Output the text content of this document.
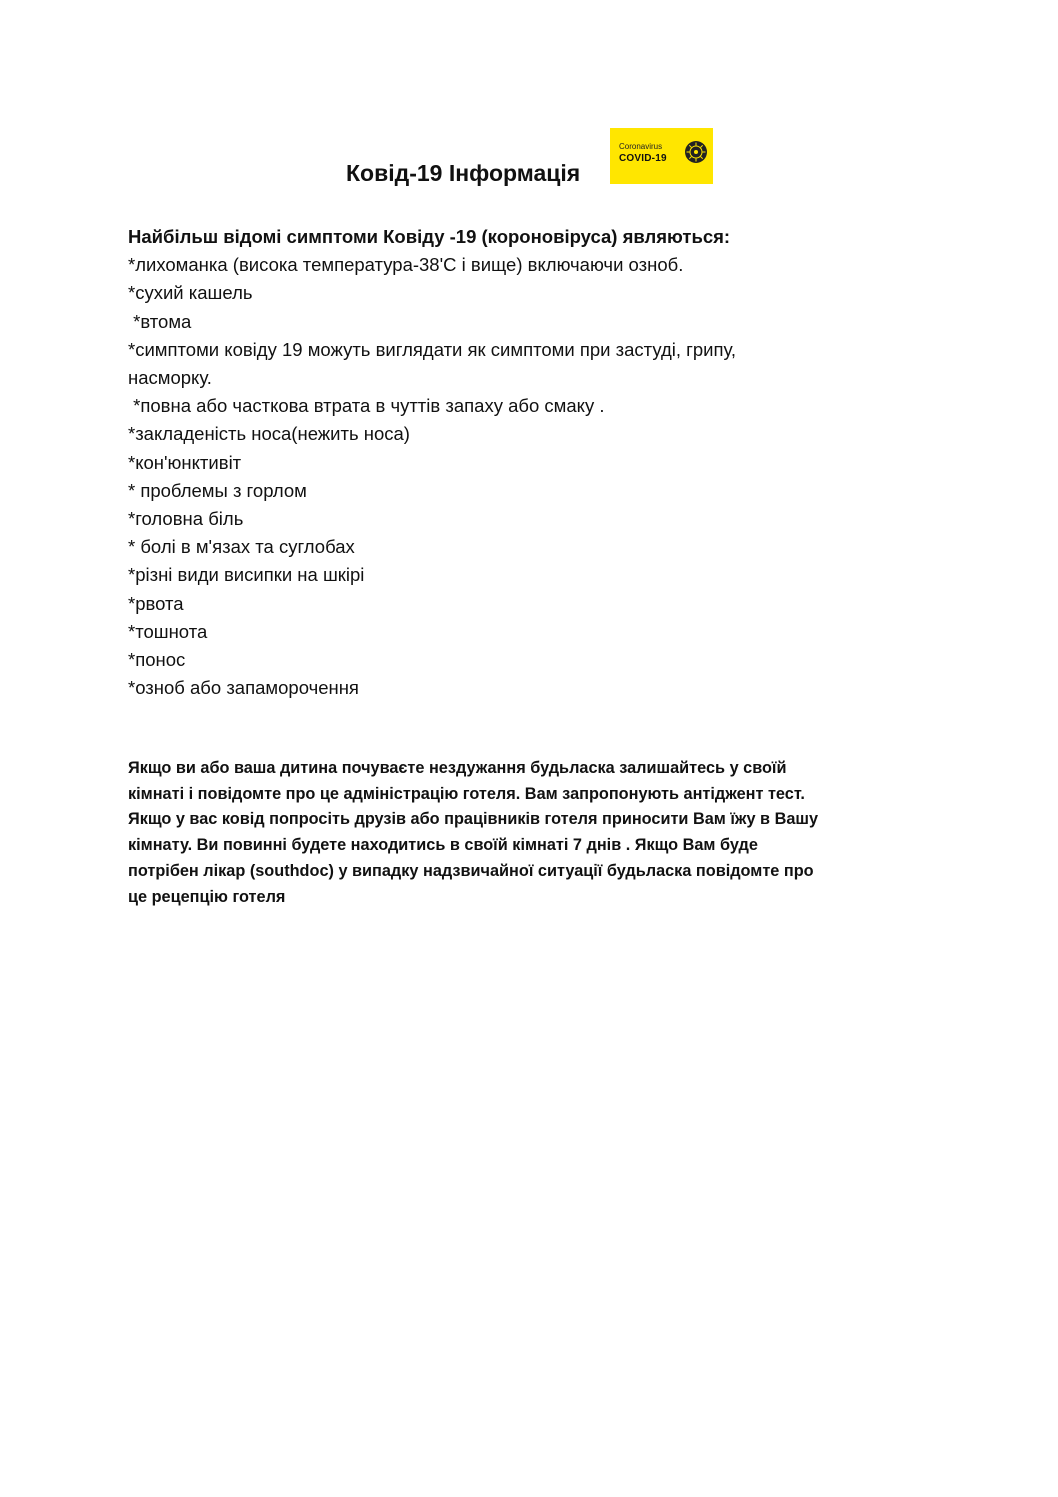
Ковід-19 Інформація
Coronavirus
COVID-19
Найбільш відомі симптоми Ковіду -19 (короновіруса) являються:
*лихоманка (висока температура-38'С і вище) включаючи озноб.
*сухий кашель
*втома
*симптоми ковіду 19 можуть виглядати як симптоми при застуді, грипу,
насморку.
*повна або часткова втрата в чуттів запаху або смаку .
*закладеність носа(нежить носа)
*кон'юнктивіт
* проблемы з горлом
*головна біль
* болі в м'язах та суглобах
*різні види висипки на шкірі
*рвота
*тошнота
*понос
*озноб або запаморочення
Якщо ви або ваша дитина почуваєте нездужання будьласка залишайтесь у своїй
кімнаті і повідомте про це адміністрацію готеля. Вам запропонують антіджент тест.
Якщо у вас ковід попросіть друзів або працівників готеля приносити Вам їжу в Вашу
кімнату. Ви повинні будете находитись в своїй кімнаті 7 днів . Якщо Вам буде
потрібен лікар (southdoc) у випадку надзвичайної ситуації будьласка повідомте про
це рецепцію готеля
